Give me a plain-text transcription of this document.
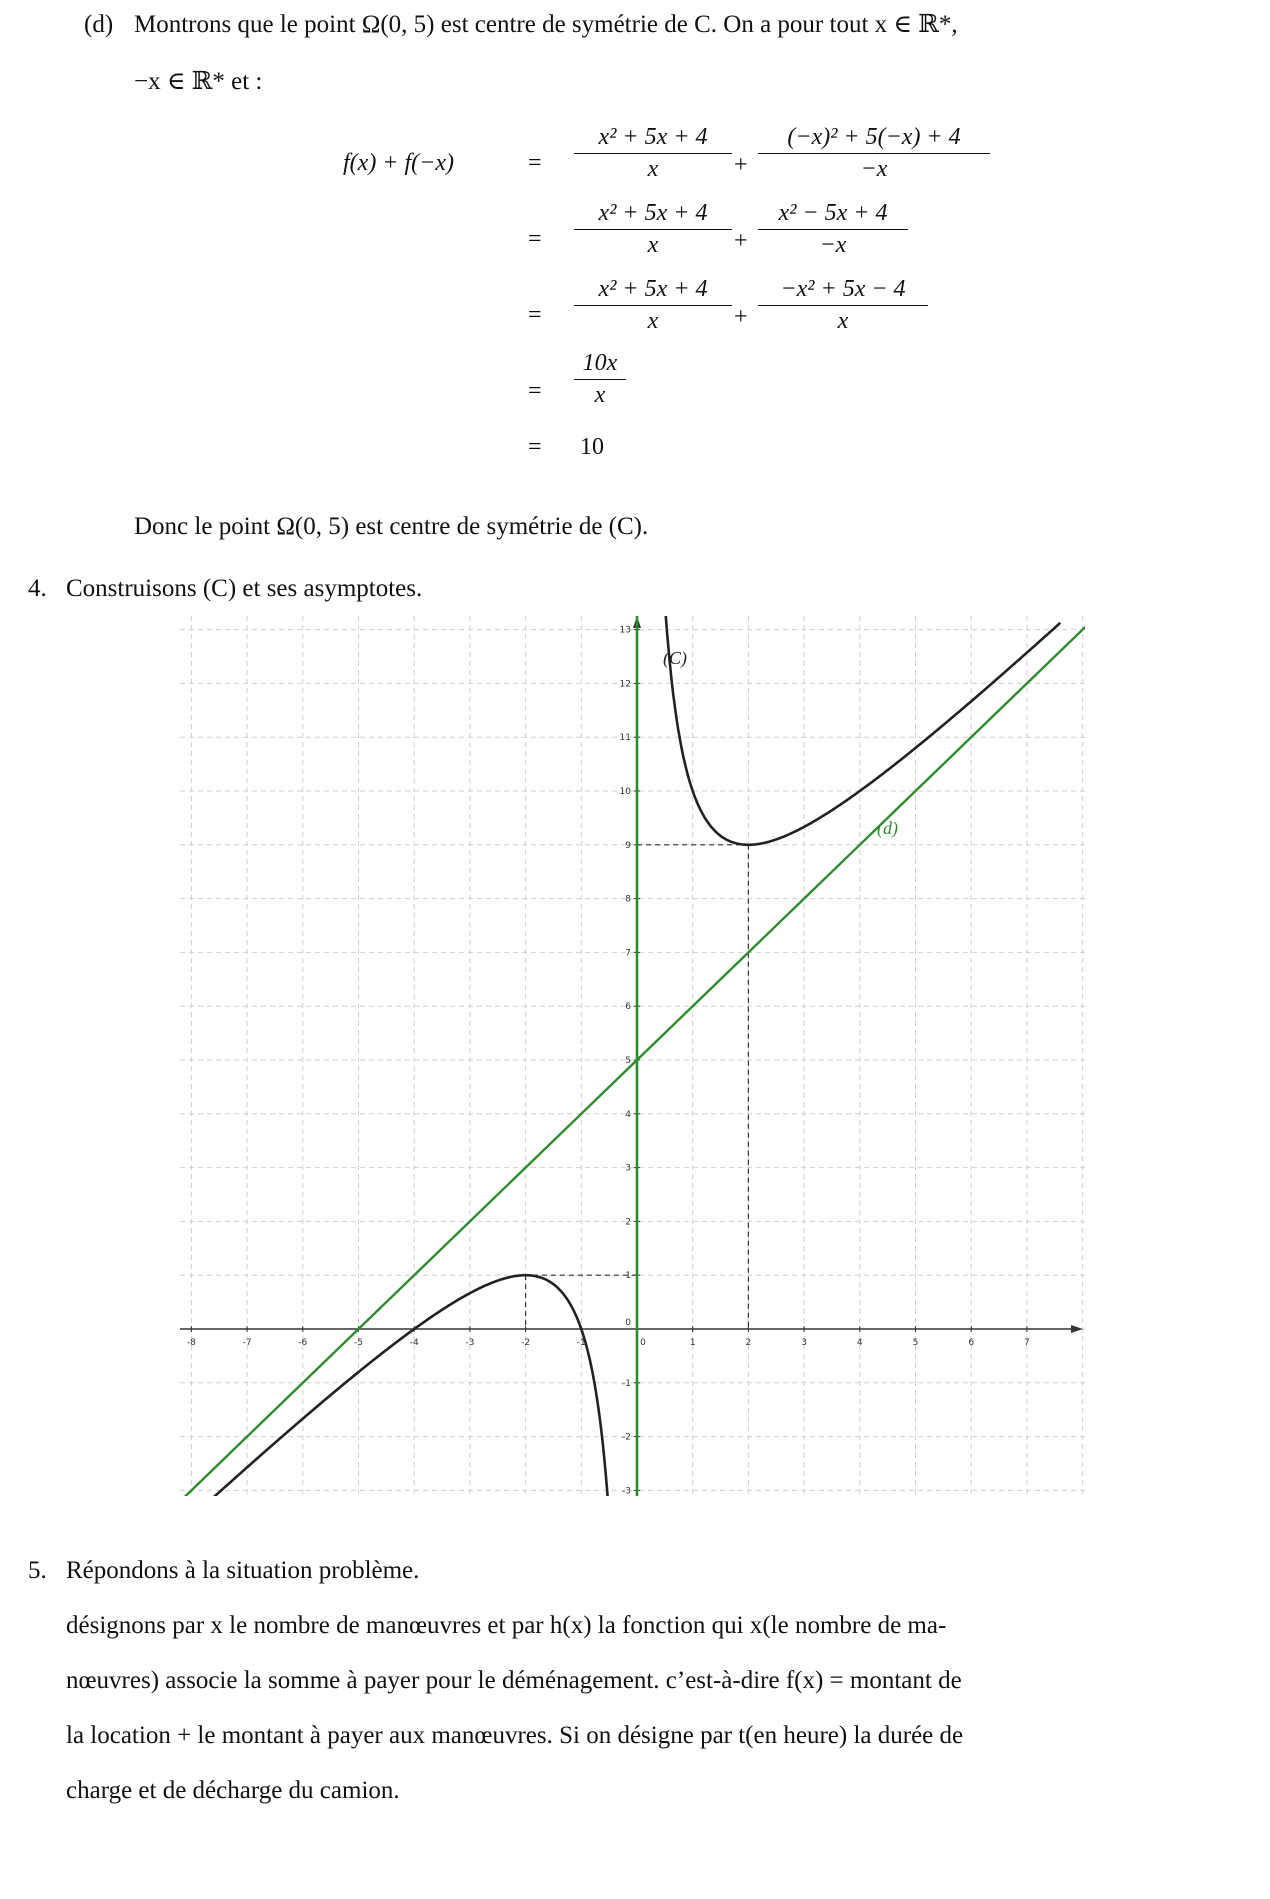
(d) Montrons que le point Ω(0, 5) est centre de symétrie de C. On a pour tout x ∈ ℝ*,
−x ∈ ℝ* et :
f(x) + f(−x)	= $\frac{\text{x² + 5x + 4}}{x} + \frac{\text{(−x)² + 5(−x) + 4}}{-x}$
= $\frac{\text{x² + 5x + 4}}{x} + \frac{\text{x² − 5x + 4}}{-x}$
= $\frac{\text{x² + 5x + 4}}{x} + \frac{\text{−x² + 5x − 4}}{x}$
= $\frac{10x}{x}$
= 10
Donc le point Ω(0, 5) est centre de symétrie de (C).
4. Construisons (C) et ses asymptotes.
-8	-7	-6	-5	-4	-3	-2	-1	0	1	2	3	4	5	6	7
13
12
11
10
9
8
7
6
5
4
3
2
1
0
-1
-2
-3
(C)
(d)
5. Répondons à la situation problème.
désignons par x le nombre de manœuvres et par h(x) la fonction qui x(le nombre de ma-
nœuvres) associe la somme à payer pour le déménagement. c’est-à-dire f(x) = montant de
la location + le montant à payer aux manœuvres. Si on désigne par t(en heure) la durée de
charge et de décharge du camion.
